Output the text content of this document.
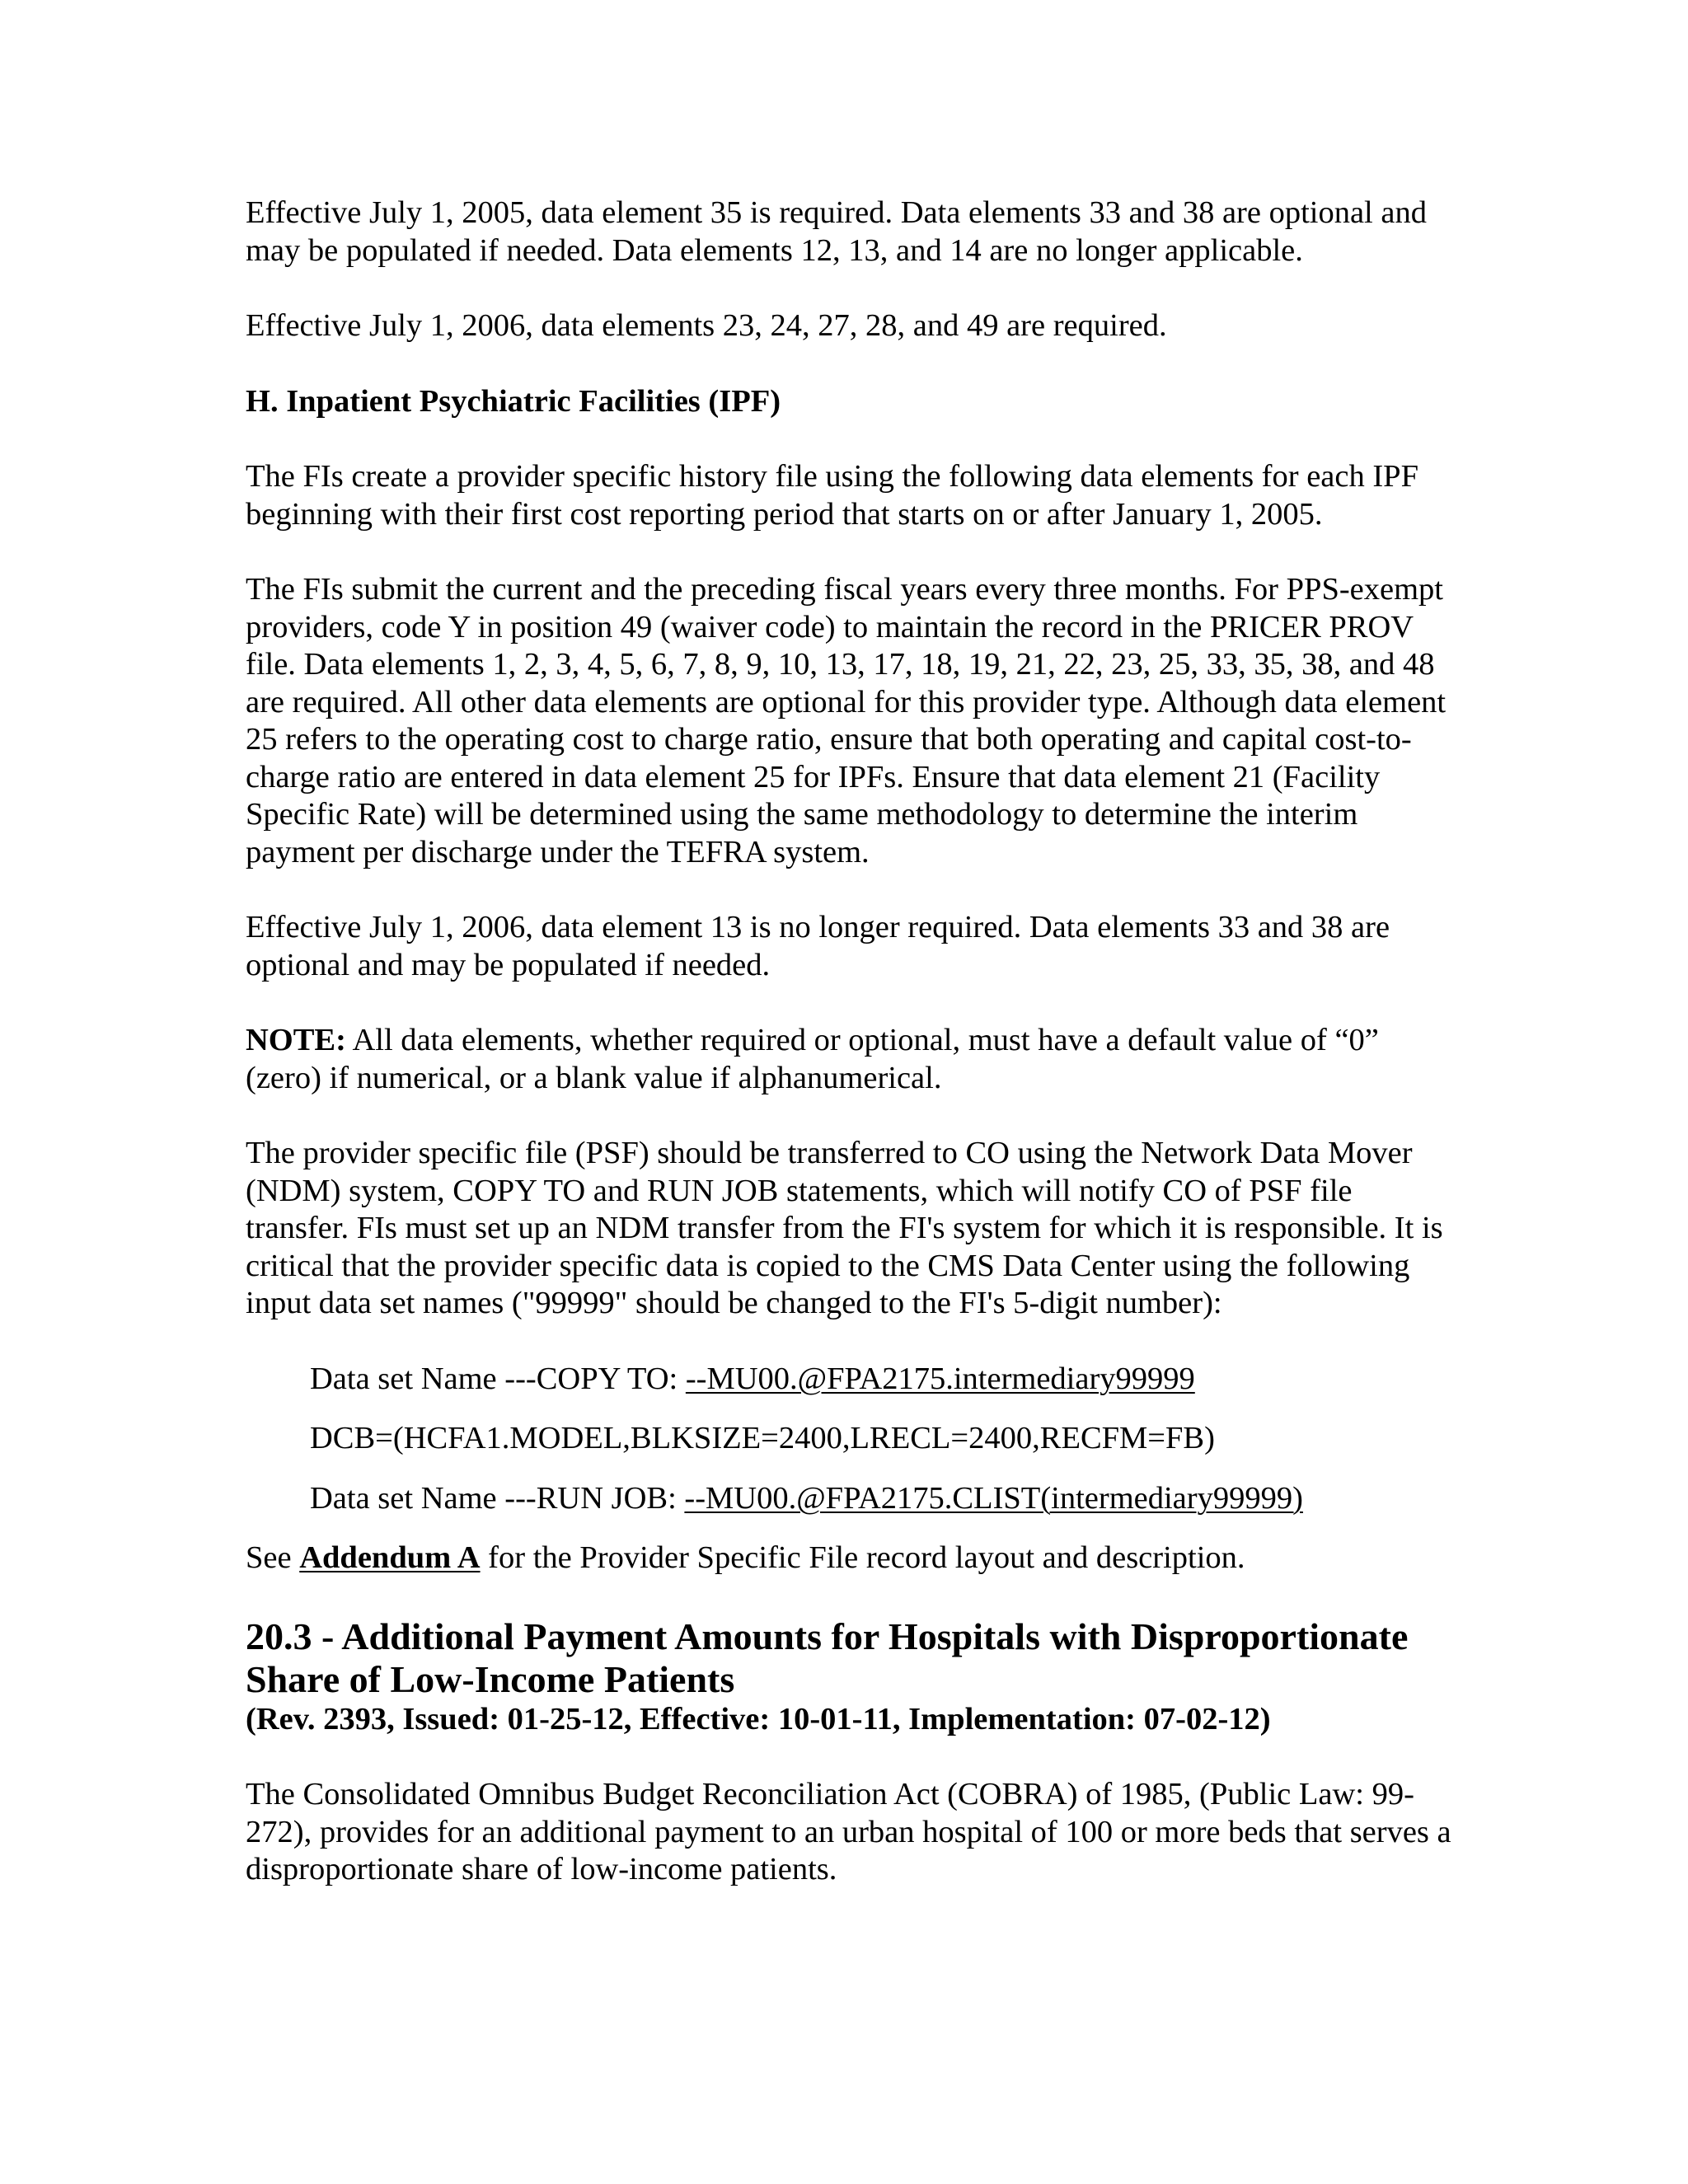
Effective July 1, 2005, data element 35 is required. Data elements 33 and 38 are optional and may be populated if needed. Data elements 12, 13, and 14 are no longer applicable.

Effective July 1, 2006, data elements 23, 24, 27, 28, and 49 are required.

H. Inpatient Psychiatric Facilities (IPF)

The FIs create a provider specific history file using the following data elements for each IPF beginning with their first cost reporting period that starts on or after January 1, 2005.

The FIs submit the current and the preceding fiscal years every three months. For PPS-exempt providers, code Y in position 49 (waiver code) to maintain the record in the PRICER PROV file. Data elements 1, 2, 3, 4, 5, 6, 7, 8, 9, 10, 13, 17, 18, 19, 21, 22, 23, 25, 33, 35, 38, and 48 are required. All other data elements are optional for this provider type. Although data element 25 refers to the operating cost to charge ratio, ensure that both operating and capital cost-to-charge ratio are entered in data element 25 for IPFs. Ensure that data element 21 (Facility Specific Rate) will be determined using the same methodology to determine the interim payment per discharge under the TEFRA system.

Effective July 1, 2006, data element 13 is no longer required. Data elements 33 and 38 are optional and may be populated if needed.

NOTE: All data elements, whether required or optional, must have a default value of “0” (zero) if numerical, or a blank value if alphanumerical.

The provider specific file (PSF) should be transferred to CO using the Network Data Mover (NDM) system, COPY TO and RUN JOB statements, which will notify CO of PSF file transfer. FIs must set up an NDM transfer from the FI's system for which it is responsible. It is critical that the provider specific data is copied to the CMS Data Center using the following input data set names ("99999" should be changed to the FI's 5-digit number):

Data set Name ---COPY TO: --MU00.@FPA2175.intermediary99999

DCB=(HCFA1.MODEL,BLKSIZE=2400,LRECL=2400,RECFM=FB)

Data set Name ---RUN JOB: --MU00.@FPA2175.CLIST(intermediary99999)

See Addendum A for the Provider Specific File record layout and description.

20.3 - Additional Payment Amounts for Hospitals with Disproportionate Share of Low-Income Patients

(Rev. 2393, Issued: 01-25-12, Effective: 10-01-11, Implementation: 07-02-12)

The Consolidated Omnibus Budget Reconciliation Act (COBRA) of 1985, (Public Law: 99-272), provides for an additional payment to an urban hospital of 100 or more beds that serves a disproportionate share of low-income patients.
